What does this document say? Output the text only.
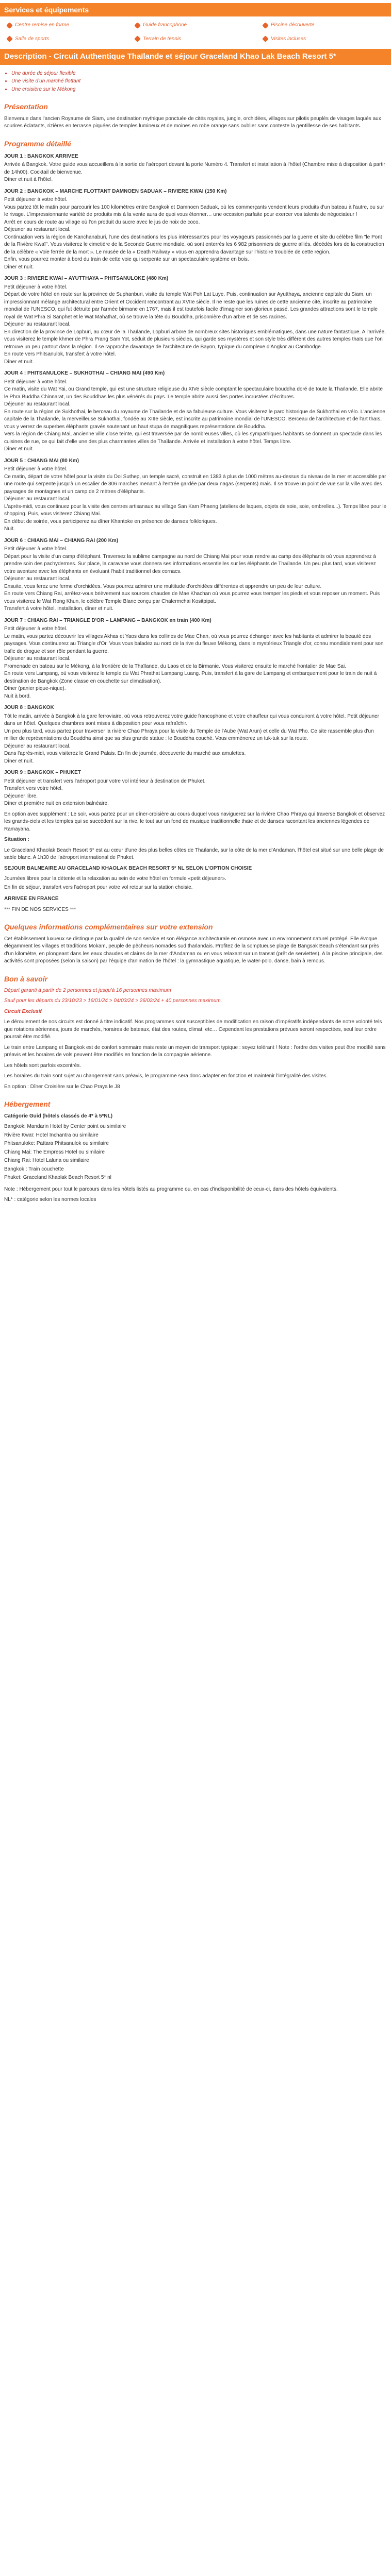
Services et équipements
Centre remise en forme	Guide francophone	Piscine découverte
Salle de sports	Terrain de tennis	Visites incluses
Description - Circuit Authentique Thaïlande et séjour Graceland Khao Lak Beach Resort 5*
• Une durée de séjour flexible
• Une visite d'un marché flottant
• Une croisière sur le Mékong
Présentation

Bienvenue dans l'ancien Royaume de Siam, une destination mythique ponctuée de cités royales, jungle, orchidées, villages sur pilotis peuplés de visages laqués aux sourires éclatants, rizières en terrasse piquées de temples lumineux et de moines en robe orange sans oublier sans conteste la gentillesse de ses habitants.

Programme détaillé

JOUR 1 : BANGKOK ARRIVEE

Arrivée à Bangkok. Votre guide vous accueillera à la sortie de l'aéroport devant la porte Numéro 4. Transfert et installation à l'hôtel (Chambre mise à disposition à partir de 14h00). Cocktail de bienvenue.

Dîner et nuit à l'hôtel.

JOUR 2 : BANGKOK – MARCHE FLOTTANT DAMNOEN SADUAK – RIVIERE KWAI (150 Km)

Petit déjeuner à votre hôtel.

Vous partez tôt le matin pour parcourir les 100 kilomètres entre Bangkok et Damnoen Saduak, où les commerçants vendent leurs produits d'un bateau à l'autre, ou sur le rivage. L'impressionnante variété de produits mis à la vente aura de quoi vous étonner… une occasion parfaite pour exercer vos talents de négociateur !

Arrêt en cours de route au village où l'on produit du sucre avec le jus de noix de coco.

Déjeuner au restaurant local.

Continuation vers la région de Kanchanaburi, l'une des destinations les plus intéressantes pour les voyageurs passionnés par la guerre et site du célèbre film "le Pont de la Rivière Kwaï". Vous visiterez le cimetière de la Seconde Guerre mondiale, où sont enterrés les 6 982 prisonniers de guerre alliés, décédés lors de la construction de la célèbre « Voie ferrée de la mort ». Le musée de la « Death Railway » vous en apprendra davantage sur l'histoire troublée de cette région.

Enfin, vous pourrez monter à bord du train de cette voie qui serpente sur un spectaculaire système en bois.

Dîner et nuit.

JOUR 3 : RIVIERE KWAI – AYUTTHAYA – PHITSANULOKE (480 Km)

Petit déjeuner à votre hôtel.

Départ de votre hôtel en route sur la province de Suphanburi, visite du temple Wat Poh Lat Luye. Puis, continuation sur Ayutthaya, ancienne capitale du Siam, un impressionnant mélange architectural entre Orient et Occident rencontrant au XVIIe siècle. Il ne reste que les ruines de cette ancienne cité, inscrite au patrimoine mondial de l'UNESCO, qui fut détruite par l'armée birmane en 1767, mais il est toutefois facile d'imaginer son glorieux passé. Les grandes attractions sont le temple royal de Wat Phra Si Sanphet et le Wat Mahathat, où se trouve la tête du Bouddha, prisonnière d'un arbre et de ses racines.

Déjeuner au restaurant local.

En direction de la province de Lopburi, au cœur de la Thaïlande, Lopburi arbore de nombreux sites historiques emblématiques, dans une nature fantastique. A l'arrivée, vous visiterez le temple khmer de Phra Prang Sam Yot, séduit de plusieurs siècles, qui garde ses mystères et son style très différent des autres temples thaïs que l'on retrouve un peu partout dans la région. Il se rapproche davantage de l'architecture de Bayon, typique du complexe d'Angkor au Cambodge.

En route vers Phitsanulok, transfert à votre hôtel.

Dîner et nuit.

JOUR 4 : PHITSANULOKE – SUKHOTHAI – CHIANG MAI (490 Km)

Petit déjeuner à votre hôtel.

Ce matin, visite du Wat Yai, ou Grand temple, qui est une structure religieuse du XIVe siècle comptant le spectaculaire bouddha doré de toute la Thaïlande. Elle abrite le Phra Buddha Chinnarat, un des Bouddhas les plus vénérés du pays. Le temple abrite aussi des portes incrustées d'écritures.

Déjeuner au restaurant local.

En route sur la région de Sukhothai, le berceau du royaume de Thaïlande et de sa fabuleuse culture. Vous visiterez le parc historique de Sukhothai en vélo. L'ancienne capitale de la Thaïlande, la merveilleuse Sukhothai, fondée au XIIIe siècle, est inscrite au patrimoine mondial de l'UNESCO. Berceau de l'architecture et de l'art thaïs, vous y verrez de superbes éléphants gravés soutenant un haut stupa de magnifiques représentations de Bouddha.

Vers la région de Chiang Mai, ancienne ville close teinte, qui est traversée par de nombreuses villes, où les sympathiques habitants se donnent un spectacle dans les cuisines de rue, ce qui fait d'elle une des plus charmantes villes de Thaïlande. Arrivée et installation à votre hôtel. Temps libre.

Dîner et nuit.

JOUR 5 : CHIANG MAI (80 Km)

Petit déjeuner à votre hôtel.

Ce matin, départ de votre hôtel pour la visite du Doi Suthep, un temple sacré, construit en 1383 à plus de 1000 mètres au-dessus du niveau de la mer et accessible par une route qui serpente jusqu'à un escalier de 306 marches menant à l'entrée gardée par deux nagas (serpents) mais. Il se trouve un point de vue sur la ville avec des paysages de montagnes et un camp de 2 mètres d'éléphants.

Déjeuner au restaurant local.

L'après-midi, vous continuez pour la visite des centres artisanaux au village San Kam Phaeng (ateliers de laques, objets de soie, soie, ombrelles...). Temps libre pour le shopping. Puis, vous visiterez Chiang Mai.

En début de soirée, vous participerez au dîner Khantoke en présence de danses folkloriques.

Nuit.

JOUR 6 : CHIANG MAI – CHIANG RAI (200 Km)

Petit déjeuner à votre hôtel.

Départ pour la visite d'un camp d'éléphant. Traversez la sublime campagne au nord de Chiang Mai pour vous rendre au camp des éléphants où vous apprendrez à prendre soin des pachydermes. Sur place, la caravane vous donnera ses informations essentielles sur les éléphants de Thaïlande. Un peu plus tard, vous visiterez votre aventure avec les éléphants en évoluant l'habit traditionnel des cornacs.

Déjeuner au restaurant local.

Ensuite, vous ferez une ferme d'orchidées. Vous pourrez admirer une multitude d'orchidées différentes et apprendre un peu de leur culture.

En route vers Chiang Rai, arrêtez-vous brièvement aux sources chaudes de Mae Khachan où vous pourrez vous tremper les pieds et vous reposer un moment. Puis vous visiterez le Wat Rong Khun, le célèbre Temple Blanc conçu par Chalermchai Kositpipat.

Transfert à votre hôtel. Installation, dîner et nuit.

JOUR 7 : CHIANG RAI – TRIANGLE D'OR – LAMPANG – BANGKOK en train (400 Km)

Petit déjeuner à votre hôtel.

Le matin, vous partez découvrir les villages Akhas et Yaos dans les collines de Mae Chan, où vous pourrez échanger avec les habitants et admirer la beauté des paysages. Vous continuerez au Triangle d'Or. Vous vous baladez au nord de la rive du fleuve Mékong, dans le mystérieux Triangle d'or, connu mondialement pour son trafic de drogue et son rôle pendant la guerre.

Déjeuner au restaurant local.

Promenade en bateau sur le Mékong, à la frontière de la Thaïlande, du Laos et de la Birmanie. Vous visiterez ensuite le marché frontalier de Mae Sai.

En route vers Lampang, où vous visiterez le temple du Wat Phrathat Lampang Luang. Puis, transfert à la gare de Lampang et embarquement pour le train de nuit à destination de Bangkok (Zone classe en couchette sur climatisation).

Dîner (panier pique-nique).

Nuit à bord.

JOUR 8 : BANGKOK

Tôt le matin, arrivée à Bangkok à la gare ferroviaire, où vous retrouverez votre guide francophone et votre chauffeur qui vous conduiront à votre hôtel. Petit déjeuner dans un hôtel. Quelques chambres sont mises à disposition pour vous rafraîchir.

Un peu plus tard, vous partez pour traverser la rivière Chao Phraya pour la visite du Temple de l'Aube (Wat Arun) et celle du Wat Pho. Ce site rassemble plus d'un millier de représentations du Bouddha ainsi que sa plus grande statue : le Bouddha couché. Vous emmènerez un tuk-tuk sur la route.

Déjeuner au restaurant local.

Dans l'après-midi, vous visiterez le Grand Palais. En fin de journée, découverte du marché aux amulettes.

Dîner et nuit.

JOUR 9 : BANGKOK – PHUKET

Petit déjeuner et transfert vers l'aéroport pour votre vol intérieur à destination de Phuket.

Transfert vers votre hôtel.

Déjeuner libre.

Dîner et première nuit en extension balnéaire.

En option avec supplément : Le soir, vous partez pour un dîner-croisière au cours duquel vous naviguerez sur la rivière Chao Phraya qui traverse Bangkok et observez les grands-ciels et les temples qui se succèdent sur la rive, le tout sur un fond de musique traditionnelle thaïe et de danses racontant les anciennes légendes de Ramayana.

Situation :

Le Graceland Khaolak Beach Resort 5* est au cœur d'une des plus belles côtes de Thaïlande, sur la côte de la mer d'Andaman, l'hôtel est situé sur une belle plage de sable blanc. A 1h30 de l'aéroport international de Phuket.

SEJOUR BALNEAIRE AU GRACELAND KHAOLAK BEACH RESORT 5* NL SELON L'OPTION CHOISIE

Journées libres pour la détente et la relaxation au sein de votre hôtel en formule «petit déjeuner».

En fin de séjour, transfert vers l'aéroport pour votre vol retour sur la station choisie.

ARRIVEE EN FRANCE

*** FIN DE NOS SERVICES ***

Quelques informations complémentaires sur votre extension

Cet établissement luxueux se distingue par la qualité de son service et son élégance architecturale en osmose avec un environnement naturel protégé. Elle évoque élégamment les villages et traditions Mokam, peuple de pêcheurs nomades sud thaïlandais. Profitez de la somptueuse plage de Bangsak Beach s'étendant sur près d'un kilomètre, en plongeant dans les eaux chaudes et claires de la mer d'Andaman ou en vous relaxant sur un transat (prêt de serviettes). A la piscine principale, des activités sont proposées (selon la saison) par l'équipe d'animation de l'hôtel : la gymnastique aquatique, le water-polo, danse, bain à remous.

Bon à savoir

Départ garanti à partir de 2 personnes et jusqu'à 16 personnes maximum

Sauf pour les départs du 23/10/23 > 16/01/24 > 04/03/24 > 26/02/24 + 40 personnes maximum.

Circuit Exclusif

Le déroulement de nos circuits est donné à titre indicatif. Nos programmes sont susceptibles de modification en raison d'impératifs indépendants de notre volonté tels que rotations aériennes, jours de marchés, horaires de bateaux, état des routes, climat, etc… Cependant les prestations prévues seront respectées, seul leur ordre pourrait être modifié.

Le train entre Lampang et Bangkok est de confort sommaire mais reste un moyen de transport typique : soyez tolérant ! Note : l'ordre des visites peut être modifié sans préavis et les horaires de vols peuvent être modifiés en fonction de la compagnie aérienne.

Les hôtels sont parfois excentrés.

Les horaires du train sont sujet au changement sans préavis, le programme sera donc adapter en fonction et maintenir l'intégralité des visites.

En option : Dîner Croisière sur le Chao Praya le J8

Hébergement

Catégorie Guid (hôtels classés de 4* à 5*NL)

Bangkok: Mandarin Hotel by Center point ou similaire

Rivière Kwaï: Hotel Inchantra ou similaire

Phitsanuloke: Pattara Phitsanulok ou similaire

Chiang Mai: The Empress Hotel ou similaire

Chiang Rai: Hotel Laluna ou similaire

Bangkok : Train couchette

Phuket: Graceland Khaolak Beach Resort 5* nl

Note : Hébergement pour tout le parcours dans les hôtels listés au programme ou, en cas d'indisponibilité de ceux-ci, dans des hôtels équivalents.

NL* : catégorie selon les normes locales
